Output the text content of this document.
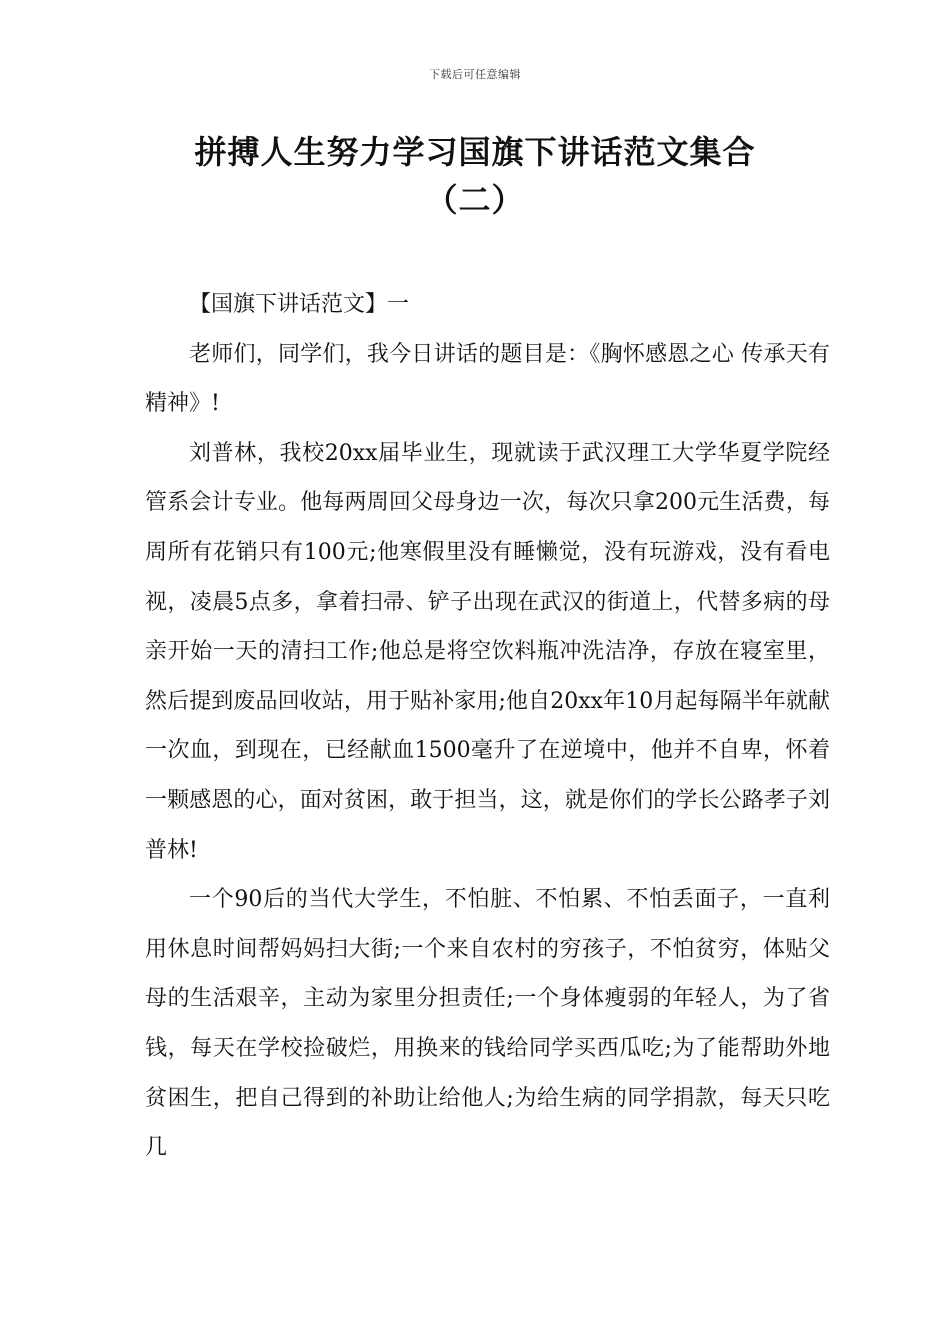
下载后可任意编辑
拼搏人生努力学习国旗下讲话范文集合
（二）

【国旗下讲话范文】一

老师们，同学们，我今日讲话的题目是：《胸怀感恩之心 传承天有精神》!

刘普林，我校20xx届毕业生，现就读于武汉理工大学华夏学院经管系会计专业。他每两周回父母身边一次，每次只拿200元生活费，每周所有花销只有100元;他寒假里没有睡懒觉，没有玩游戏，没有看电视，凌晨5点多，拿着扫帚、铲子出现在武汉的街道上，代替多病的母亲开始一天的清扫工作;他总是将空饮料瓶冲洗洁净，存放在寝室里，然后提到废品回收站，用于贴补家用;他自20xx年10月起每隔半年就献一次血，到现在，已经献血1500毫升了在逆境中，他并不自卑，怀着一颗感恩的心，面对贫困，敢于担当，这，就是你们的学长公路孝子刘普林!

一个90后的当代大学生，不怕脏、不怕累、不怕丢面子，一直利用休息时间帮妈妈扫大街;一个来自农村的穷孩子，不怕贫穷，体贴父母的生活艰辛，主动为家里分担责任;一个身体瘦弱的年轻人，为了省钱，每天在学校捡破烂，用换来的钱给同学买西瓜吃;为了能帮助外地贫困生，把自己得到的补助让给他人;为给生病的同学捐款，每天只吃几
